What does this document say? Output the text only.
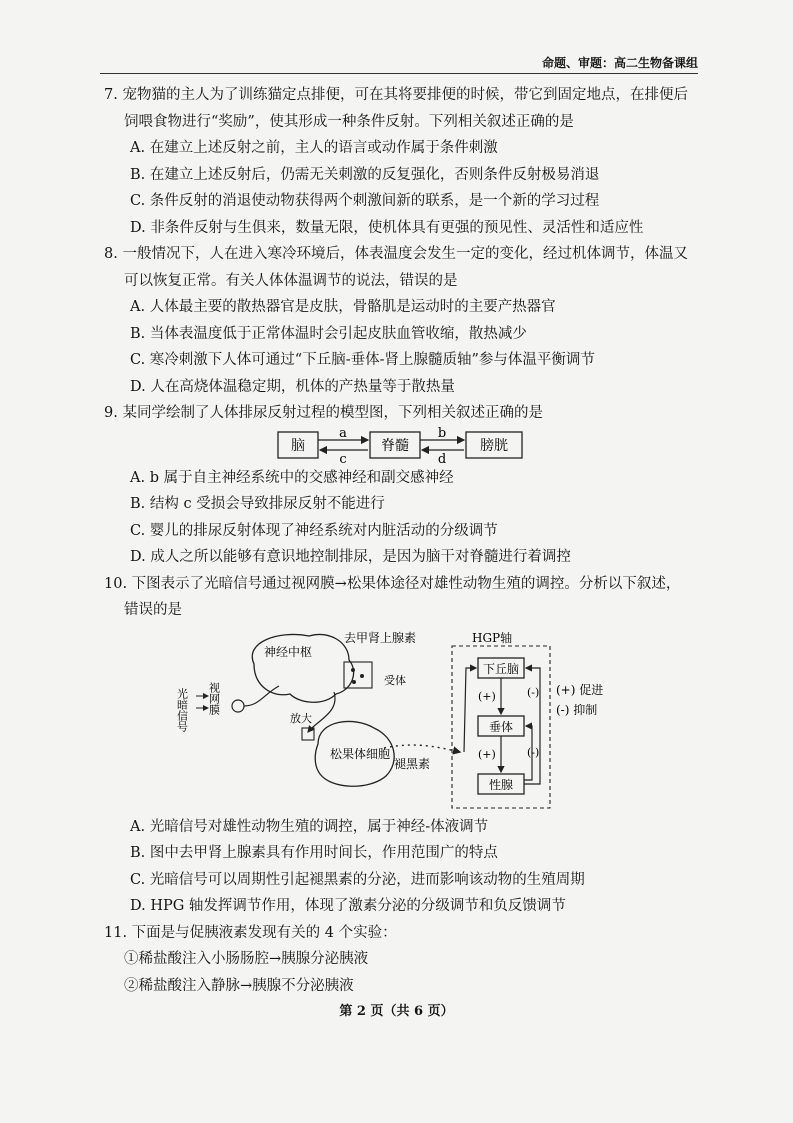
命题、审题：高二生物备课组
7. 宠物猫的主人为了训练猫定点排便，可在其将要排便的时候，带它到固定地点，在排便后
饲喂食物进行“奖励”，使其形成一种条件反射。下列相关叙述正确的是
A. 在建立上述反射之前，主人的语言或动作属于条件刺激
B. 在建立上述反射后，仍需无关刺激的反复强化，否则条件反射极易消退
C. 条件反射的消退使动物获得两个刺激间新的联系，是一个新的学习过程
D. 非条件反射与生俱来，数量无限，使机体具有更强的预见性、灵活性和适应性
8. 一般情况下，人在进入寒冷环境后，体表温度会发生一定的变化，经过机体调节，体温又
可以恢复正常。有关人体体温调节的说法，错误的是
A. 人体最主要的散热器官是皮肤，骨骼肌是运动时的主要产热器官
B. 当体表温度低于正常体温时会引起皮肤血管收缩，散热减少
C. 寒冷刺激下人体可通过“下丘脑-垂体-肾上腺髓质轴”参与体温平衡调节
D. 人在高烧体温稳定期，机体的产热量等于散热量
9. 某同学绘制了人体排尿反射过程的模型图，下列相关叙述正确的是
脑	脊髓	膀胱
a
c
b
d
A. b 属于自主神经系统中的交感神经和副交感神经
B. 结构 c 受损会导致排尿反射不能进行
C. 婴儿的排尿反射体现了神经系统对内脏活动的分级调节
D. 成人之所以能够有意识地控制排尿，是因为脑干对脊髓进行着调控
10. 下图表示了光暗信号通过视网膜→松果体途径对雄性动物生殖的调控。分析以下叙述，
错误的是
神经中枢
光暗信号 视网膜
放大
去甲肾上腺素
受体
松果体细胞
褪黑素
HGP轴
下丘脑
垂体
性腺
(+)
(+)
(-)
(-)
(+) 促进
(-) 抑制
A. 光暗信号对雄性动物生殖的调控，属于神经-体液调节
B. 图中去甲肾上腺素具有作用时间长，作用范围广的特点
C. 光暗信号可以周期性引起褪黑素的分泌，进而影响该动物的生殖周期
D. HPG 轴发挥调节作用，体现了激素分泌的分级调节和负反馈调节
11. 下面是与促胰液素发现有关的 4 个实验：
①稀盐酸注入小肠肠腔→胰腺分泌胰液
②稀盐酸注入静脉→胰腺不分泌胰液
第 2 页（共 6 页）
